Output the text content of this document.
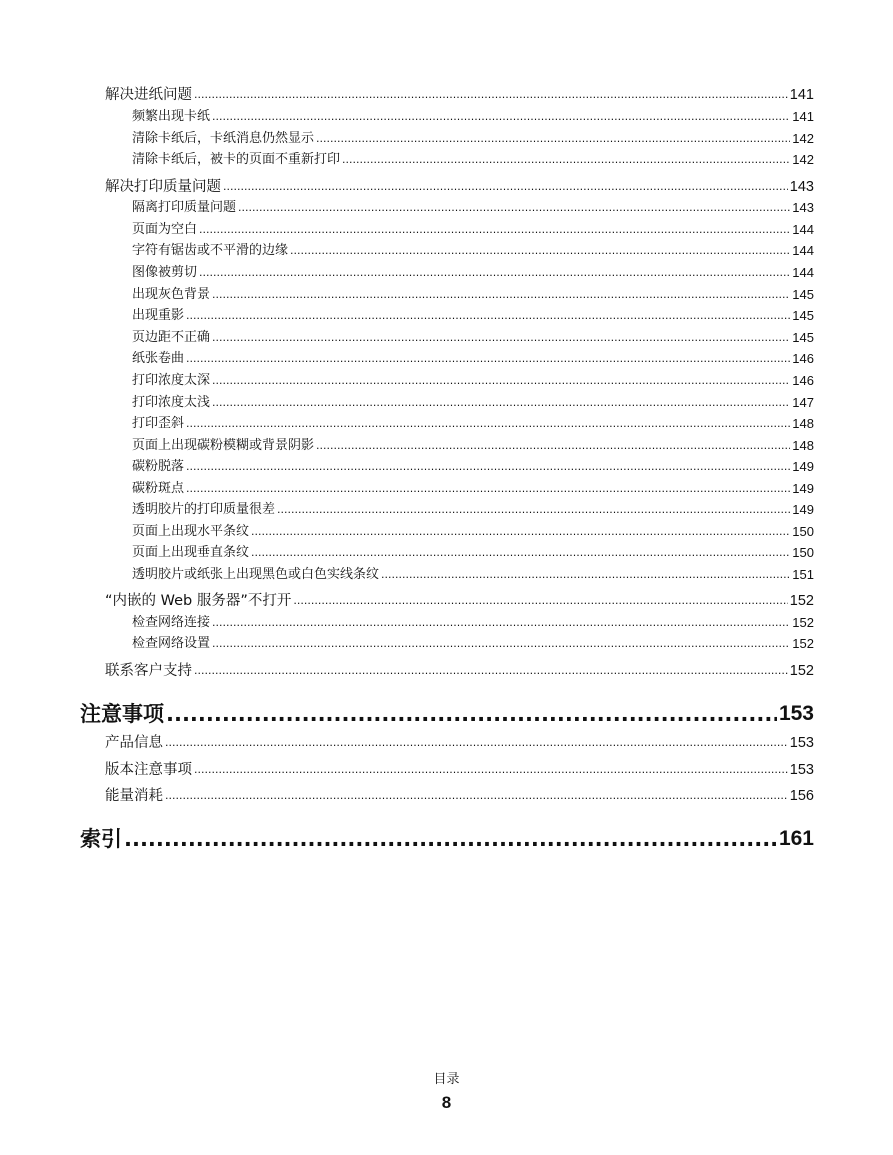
解决进纸问题 .....	141
频繁出现卡纸 .....	141
清除卡纸后，卡纸消息仍然显示 .....	142
清除卡纸后，被卡的页面不重新打印 .....	142
解决打印质量问题 .....	143
隔离打印质量问题 .....	143
页面为空白 .....	144
字符有锯齿或不平滑的边缘 .....	144
图像被剪切 .....	144
出现灰色背景 .....	145
出现重影 .....	145
页边距不正确 .....	145
纸张卷曲 .....	146
打印浓度太深 .....	146
打印浓度太浅 .....	147
打印歪斜 .....	148
页面上出现碳粉模糊或背景阴影 .....	148
碳粉脱落 .....	149
碳粉斑点 .....	149
透明胶片的打印质量很差 .....	149
页面上出现水平条纹 .....	150
页面上出现垂直条纹 .....	150
透明胶片或纸张上出现黑色或白色实线条纹 .....	151
“内嵌的 Web 服务器”不打开 .....	152
检查网络连接 .....	152
检查网络设置 .....	152
联系客户支持 .....	152
注意事项 .....	153
产品信息 .....	153
版本注意事项 .....	153
能量消耗 .....	156
索引 .....	161
目录
8
